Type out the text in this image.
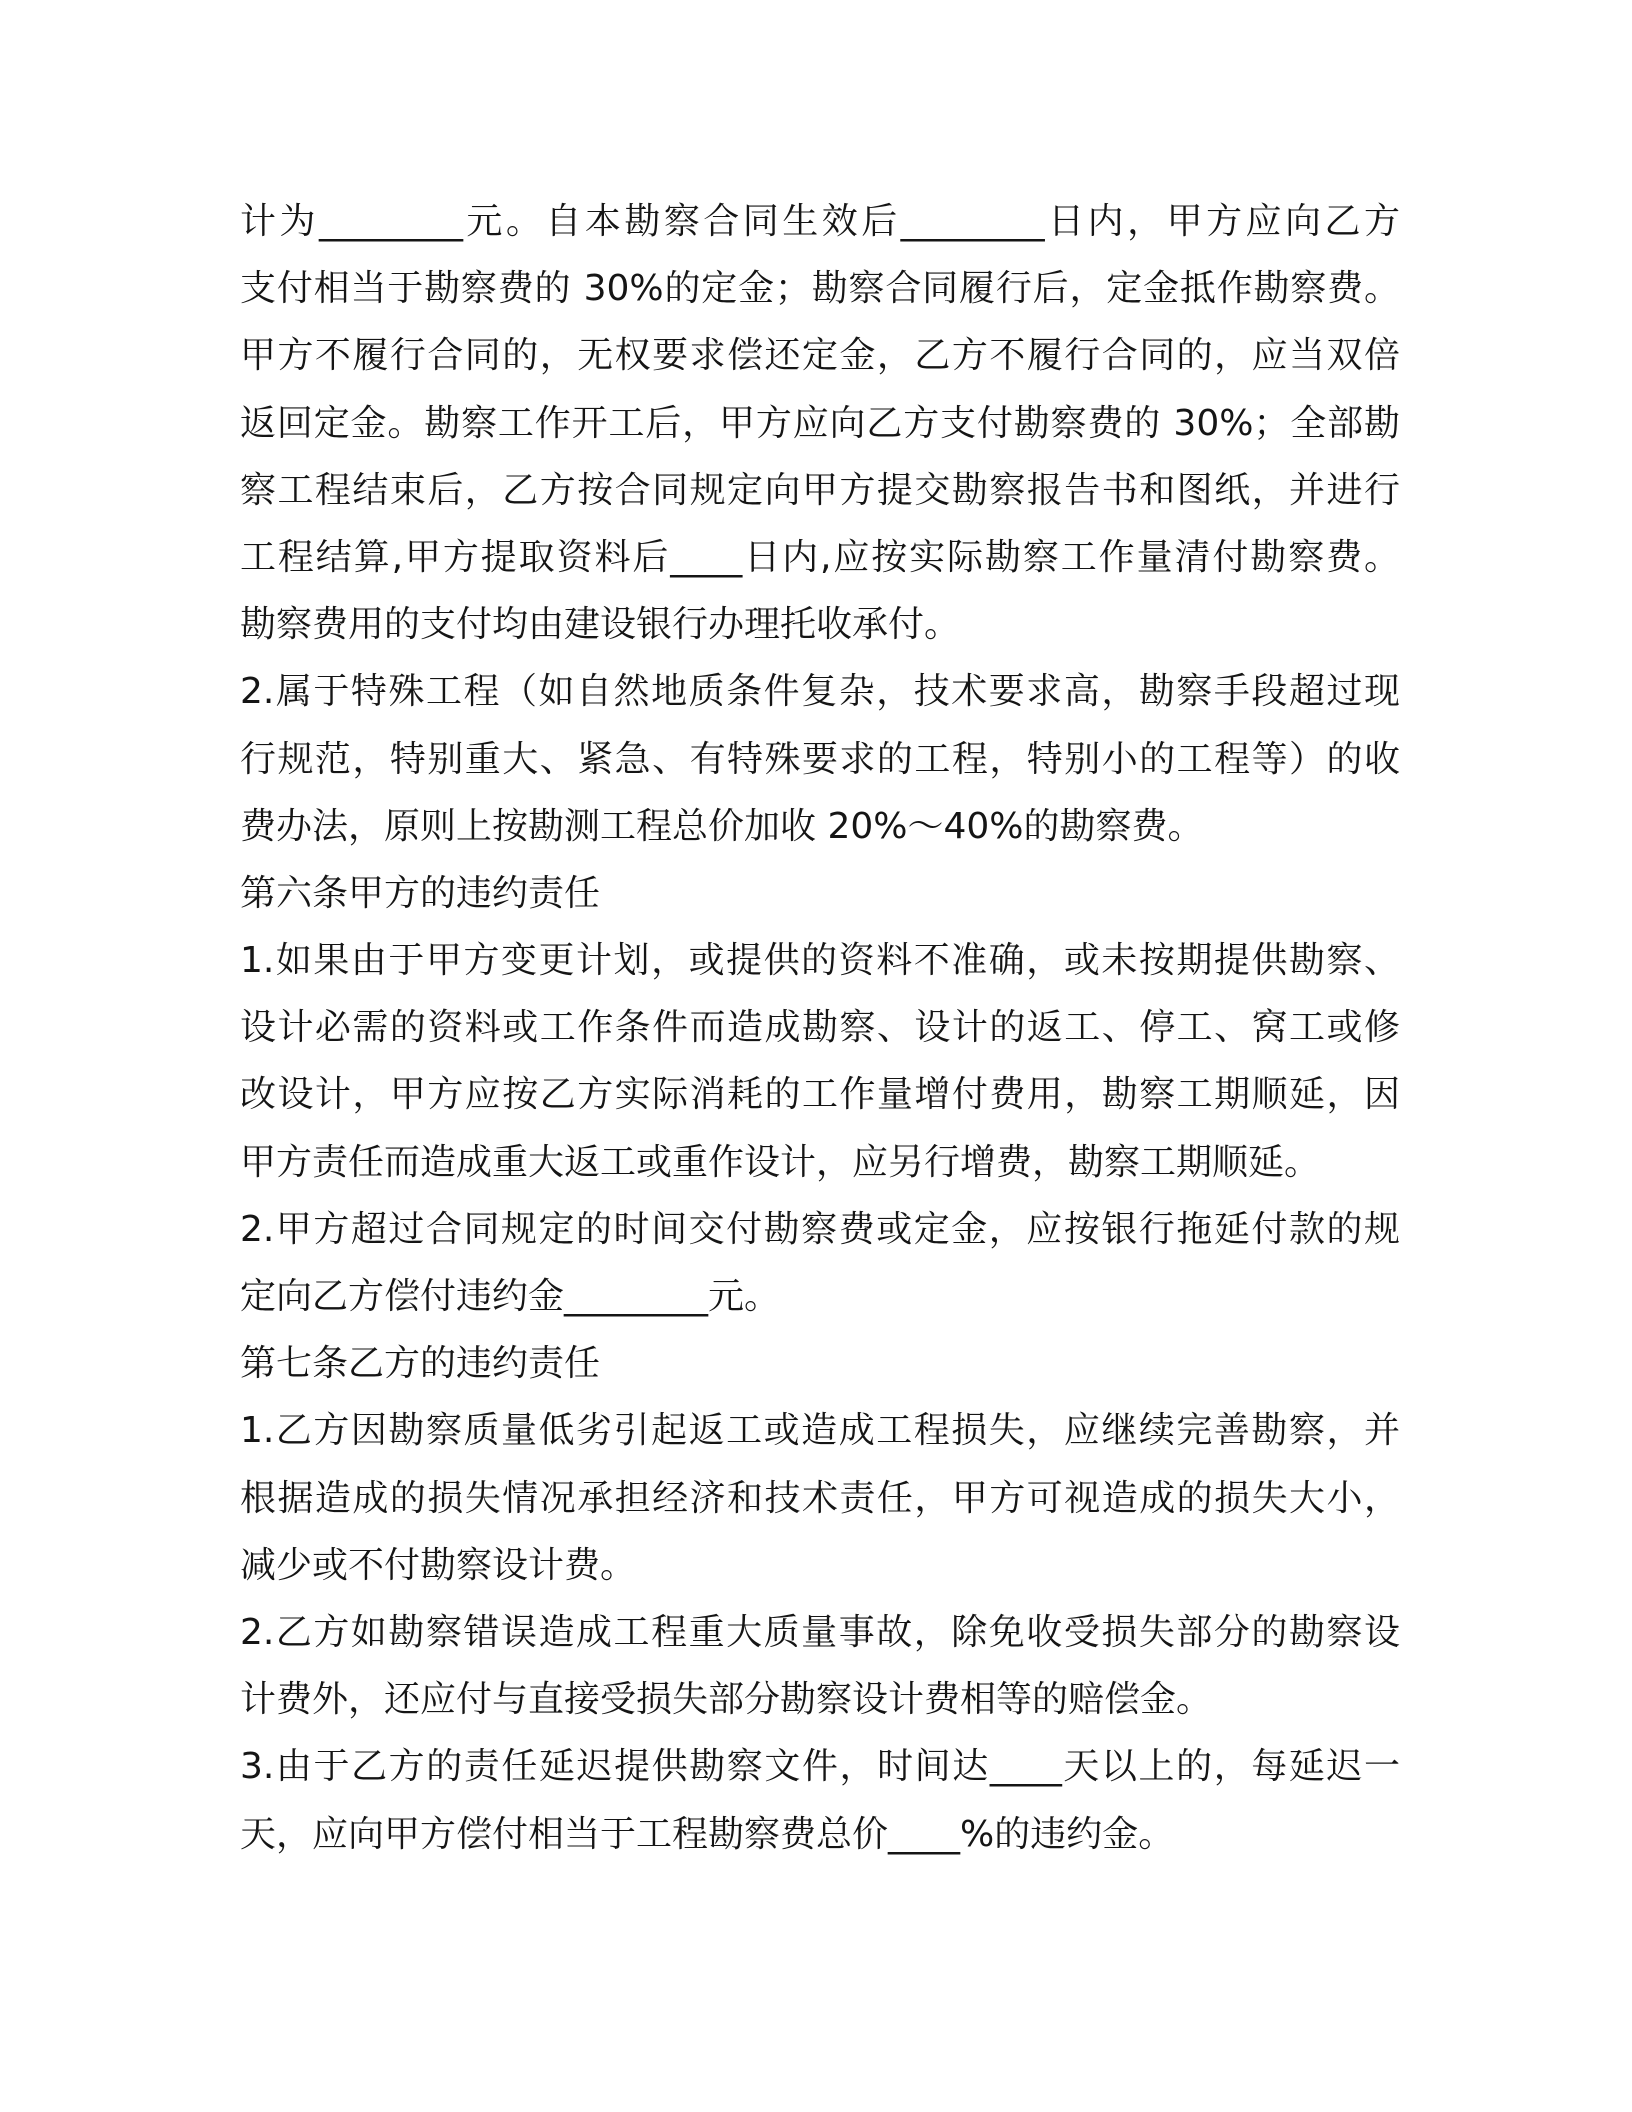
计为________元。自本勘察合同生效后________日内，甲方应向乙方
支付相当于勘察费的 30%的定金；勘察合同履行后，定金抵作勘察费。
甲方不履行合同的，无权要求偿还定金，乙方不履行合同的，应当双倍
返回定金。勘察工作开工后，甲方应向乙方支付勘察费的 30%；全部勘
察工程结束后，乙方按合同规定向甲方提交勘察报告书和图纸，并进行
工程结算,甲方提取资料后____日内,应按实际勘察工作量清付勘察费。
勘察费用的支付均由建设银行办理托收承付。
2.属于特殊工程（如自然地质条件复杂，技术要求高，勘察手段超过现
行规范，特别重大、紧急、有特殊要求的工程，特别小的工程等）的收
费办法，原则上按勘测工程总价加收 20%～40%的勘察费。
第六条甲方的违约责任
1.如果由于甲方变更计划，或提供的资料不准确，或未按期提供勘察、
设计必需的资料或工作条件而造成勘察、设计的返工、停工、窝工或修
改设计，甲方应按乙方实际消耗的工作量增付费用，勘察工期顺延，因
甲方责任而造成重大返工或重作设计，应另行增费，勘察工期顺延。
2.甲方超过合同规定的时间交付勘察费或定金，应按银行拖延付款的规
定向乙方偿付违约金________元。
第七条乙方的违约责任
1.乙方因勘察质量低劣引起返工或造成工程损失，应继续完善勘察，并
根据造成的损失情况承担经济和技术责任，甲方可视造成的损失大小，
减少或不付勘察设计费。
2.乙方如勘察错误造成工程重大质量事故，除免收受损失部分的勘察设
计费外，还应付与直接受损失部分勘察设计费相等的赔偿金。
3.由于乙方的责任延迟提供勘察文件，时间达____天以上的，每延迟一
天，应向甲方偿付相当于工程勘察费总价____%的违约金。
